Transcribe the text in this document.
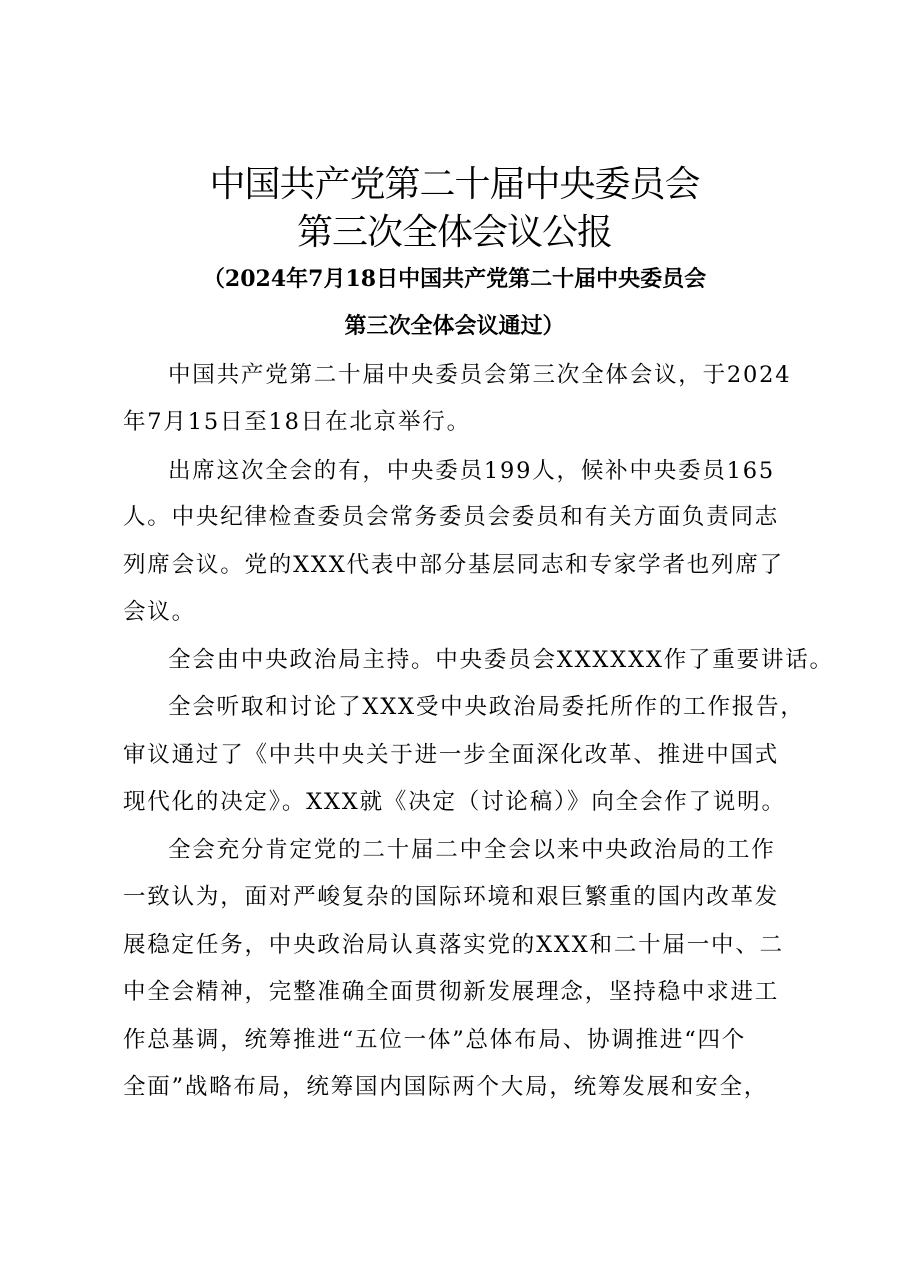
中国共产党第二十届中央委员会
第三次全体会议公报
（2024年7月18日中国共产党第二十届中央委员会
第三次全体会议通过）
中国共产党第二十届中央委员会第三次全体会议，于2024
年7月15日至18日在北京举行。
出席这次全会的有，中央委员199人，候补中央委员165
人。中央纪律检查委员会常务委员会委员和有关方面负责同志
列席会议。党的XXX代表中部分基层同志和专家学者也列席了
会议。
全会由中央政治局主持。中央委员会XXXXXX作了重要讲话。
全会听取和讨论了XXX受中央政治局委托所作的工作报告，
审议通过了《中共中央关于进一步全面深化改革、推进中国式
现代化的决定》。XXX就《决定（讨论稿）》向全会作了说明。
全会充分肯定党的二十届二中全会以来中央政治局的工作
一致认为，面对严峻复杂的国际环境和艰巨繁重的国内改革发
展稳定任务，中央政治局认真落实党的XXX和二十届一中、二
中全会精神，完整准确全面贯彻新发展理念，坚持稳中求进工
作总基调，统筹推进“五位一体”总体布局、协调推进“四个
全面”战略布局，统筹国内国际两个大局，统筹发展和安全，
